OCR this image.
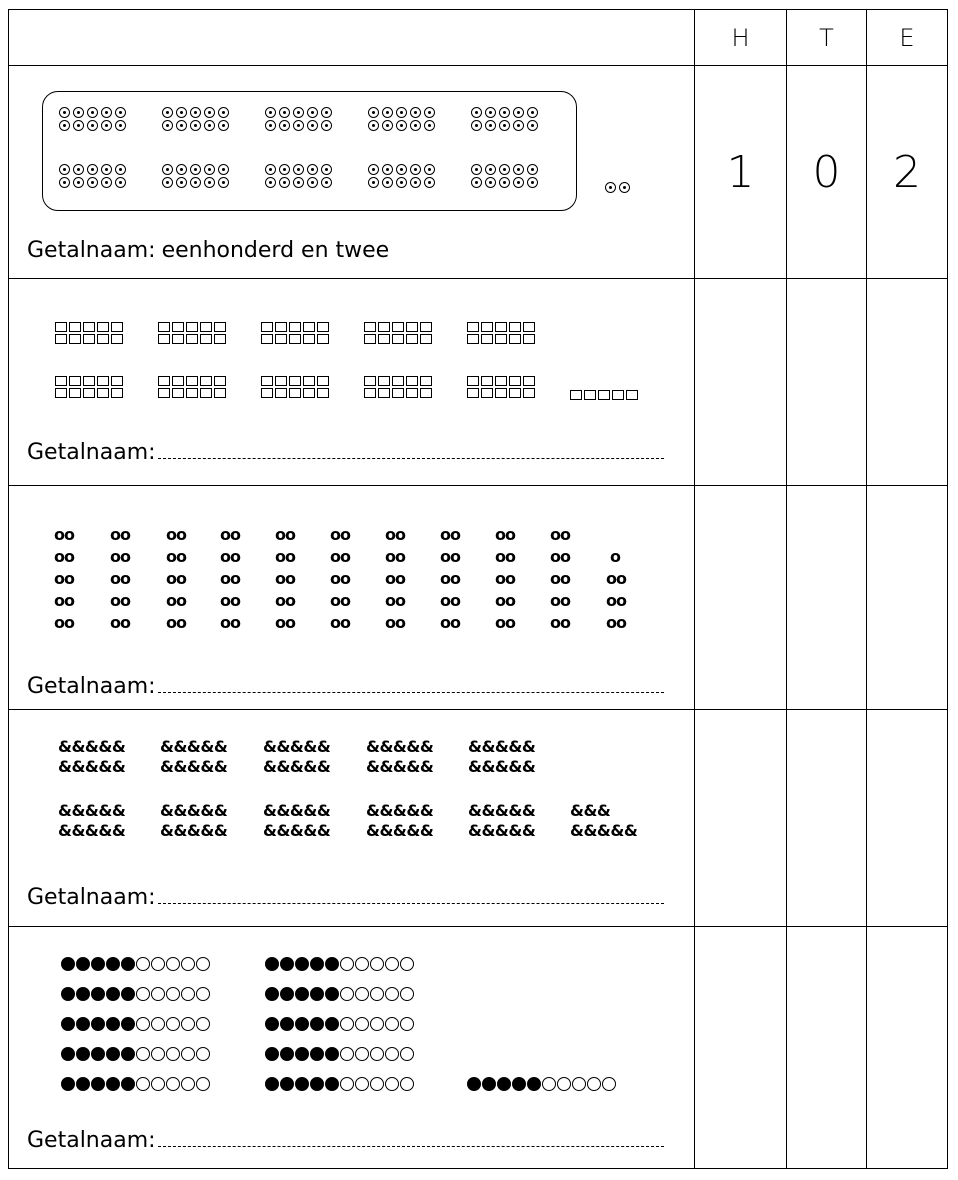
H	T	E
Getalnaam: eenhonderd en twee
1	0	2
Getalnaam:
oo
oo
oo
oo
oo
oo
oo
oo
oo
oo
oo
oo
oo
oo
oo
oo
oo
oo
oo
oo
oo
oo
oo
oo
oo
oo
oo
oo
oo
oo
oo
oo
oo
oo
oo
oo
oo
oo
oo
oo
oo
oo
oo
oo
oo
oo
oo
oo
oo
oo
o
oo
oo
oo
Getalnaam:
&&&&&
&&&&&
&&&&&
&&&&&
&&&&&
&&&&&
&&&&&
&&&&&
&&&&&
&&&&&
&&&&&
&&&&&
&&&&&
&&&&&
&&&&&
&&&&&
&&&&&
&&&&&
&&&&&
&&&&&
&&&
&&&&&
Getalnaam:
Getalnaam:
